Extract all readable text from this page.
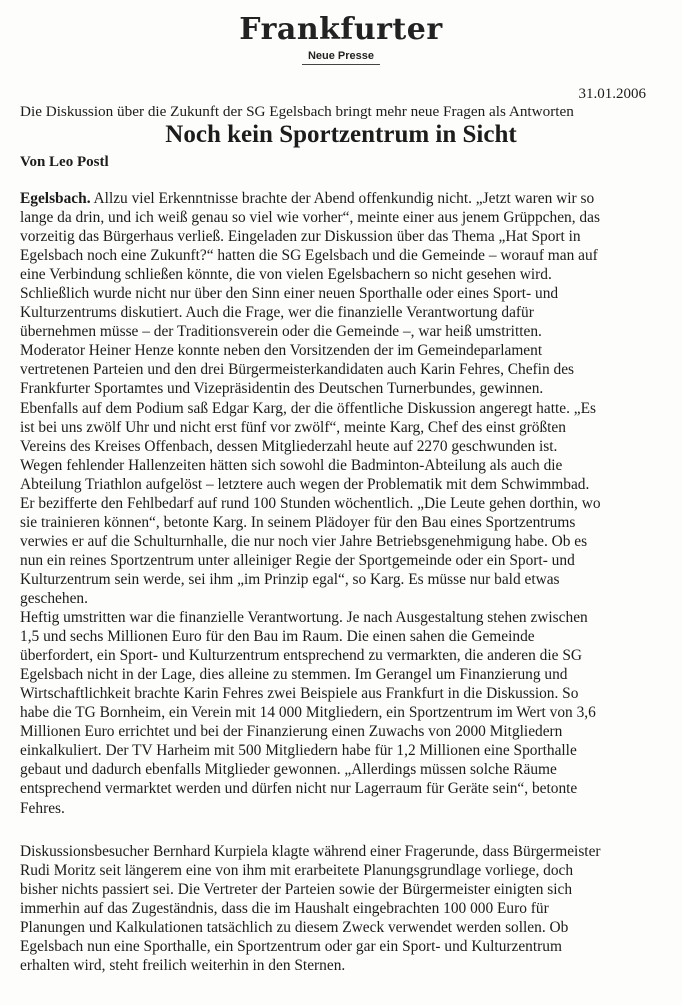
Frankfurter
Neue Presse
31.01.2006
Die Diskussion über die Zukunft der SG Egelsbach bringt mehr neue Fragen als Antworten
Noch kein Sportzentrum in Sicht
Von Leo Postl
Egelsbach. Allzu viel Erkenntnisse brachte der Abend offenkundig nicht. „Jetzt waren wir so
lange da drin, und ich weiß genau so viel wie vorher“, meinte einer aus jenem Grüppchen, das
vorzeitig das Bürgerhaus verließ. Eingeladen zur Diskussion über das Thema „Hat Sport in
Egelsbach noch eine Zukunft?“ hatten die SG Egelsbach und die Gemeinde – worauf man auf
eine Verbindung schließen könnte, die von vielen Egelsbachern so nicht gesehen wird.
Schließlich wurde nicht nur über den Sinn einer neuen Sporthalle oder eines Sport- und
Kulturzentrums diskutiert. Auch die Frage, wer die finanzielle Verantwortung dafür
übernehmen müsse – der Traditionsverein oder die Gemeinde –, war heiß umstritten.
Moderator Heiner Henze konnte neben den Vorsitzenden der im Gemeindeparlament
vertretenen Parteien und den drei Bürgermeisterkandidaten auch Karin Fehres, Chefin des
Frankfurter Sportamtes und Vizepräsidentin des Deutschen Turnerbundes, gewinnen.
Ebenfalls auf dem Podium saß Edgar Karg, der die öffentliche Diskussion angeregt hatte. „Es
ist bei uns zwölf Uhr und nicht erst fünf vor zwölf“, meinte Karg, Chef des einst größten
Vereins des Kreises Offenbach, dessen Mitgliederzahl heute auf 2270 geschwunden ist.
Wegen fehlender Hallenzeiten hätten sich sowohl die Badminton-Abteilung als auch die
Abteilung Triathlon aufgelöst – letztere auch wegen der Problematik mit dem Schwimmbad.
Er bezifferte den Fehlbedarf auf rund 100 Stunden wöchentlich. „Die Leute gehen dorthin, wo
sie trainieren können“, betonte Karg. In seinem Plädoyer für den Bau eines Sportzentrums
verwies er auf die Schulturnhalle, die nur noch vier Jahre Betriebsgenehmigung habe. Ob es
nun ein reines Sportzentrum unter alleiniger Regie der Sportgemeinde oder ein Sport- und
Kulturzentrum sein werde, sei ihm „im Prinzip egal“, so Karg. Es müsse nur bald etwas
geschehen.
Heftig umstritten war die finanzielle Verantwortung. Je nach Ausgestaltung stehen zwischen
1,5 und sechs Millionen Euro für den Bau im Raum. Die einen sahen die Gemeinde
überfordert, ein Sport- und Kulturzentrum entsprechend zu vermarkten, die anderen die SG
Egelsbach nicht in der Lage, dies alleine zu stemmen. Im Gerangel um Finanzierung und
Wirtschaftlichkeit brachte Karin Fehres zwei Beispiele aus Frankfurt in die Diskussion. So
habe die TG Bornheim, ein Verein mit 14 000 Mitgliedern, ein Sportzentrum im Wert von 3,6
Millionen Euro errichtet und bei der Finanzierung einen Zuwachs von 2000 Mitgliedern
einkalkuliert. Der TV Harheim mit 500 Mitgliedern habe für 1,2 Millionen eine Sporthalle
gebaut und dadurch ebenfalls Mitglieder gewonnen. „Allerdings müssen solche Räume
entsprechend vermarktet werden und dürfen nicht nur Lagerraum für Geräte sein“, betonte
Fehres.
Diskussionsbesucher Bernhard Kurpiela klagte während einer Fragerunde, dass Bürgermeister
Rudi Moritz seit längerem eine von ihm mit erarbeitete Planungsgrundlage vorliege, doch
bisher nichts passiert sei. Die Vertreter der Parteien sowie der Bürgermeister einigten sich
immerhin auf das Zugeständnis, dass die im Haushalt eingebrachten 100 000 Euro für
Planungen und Kalkulationen tatsächlich zu diesem Zweck verwendet werden sollen. Ob
Egelsbach nun eine Sporthalle, ein Sportzentrum oder gar ein Sport- und Kulturzentrum
erhalten wird, steht freilich weiterhin in den Sternen.
